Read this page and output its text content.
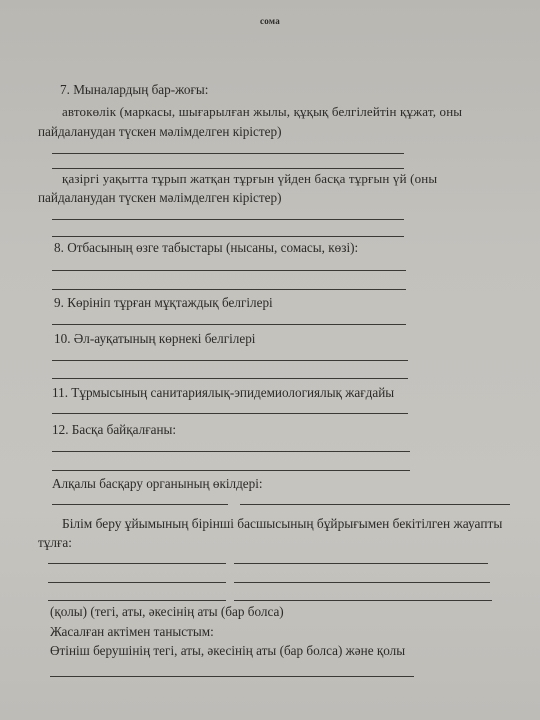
сома
7. Мыналардың бар-жоғы:
автокөлік (маркасы, шығарылған жылы, құқық белгілейтін құжат, оны
пайдаланудан түскен мәлімделген кірістер)
қазіргі уақытта тұрып жатқан тұрғын үйден басқа тұрғын үй (оны
пайдаланудан түскен мәлімделген кірістер)
8. Отбасының өзге табыстары (нысаны, сомасы, көзі):
9. Көрініп тұрған мұқтаждық белгілері
10. Әл-ауқатының көрнекі белгілері
11. Тұрмысының санитариялық-эпидемиологиялық жағдайы
12. Басқа байқалғаны:
Алқалы басқару органының өкілдері:
Білім беру ұйымының бірінші басшысының бұйрығымен бекітілген жауапты
тұлға:
(қолы) (тегі, аты, әкесінің аты (бар болса)
Жасалған актімен таныстым:
Өтініш берушінің тегі, аты, әкесінің аты (бар болса) және қолы
